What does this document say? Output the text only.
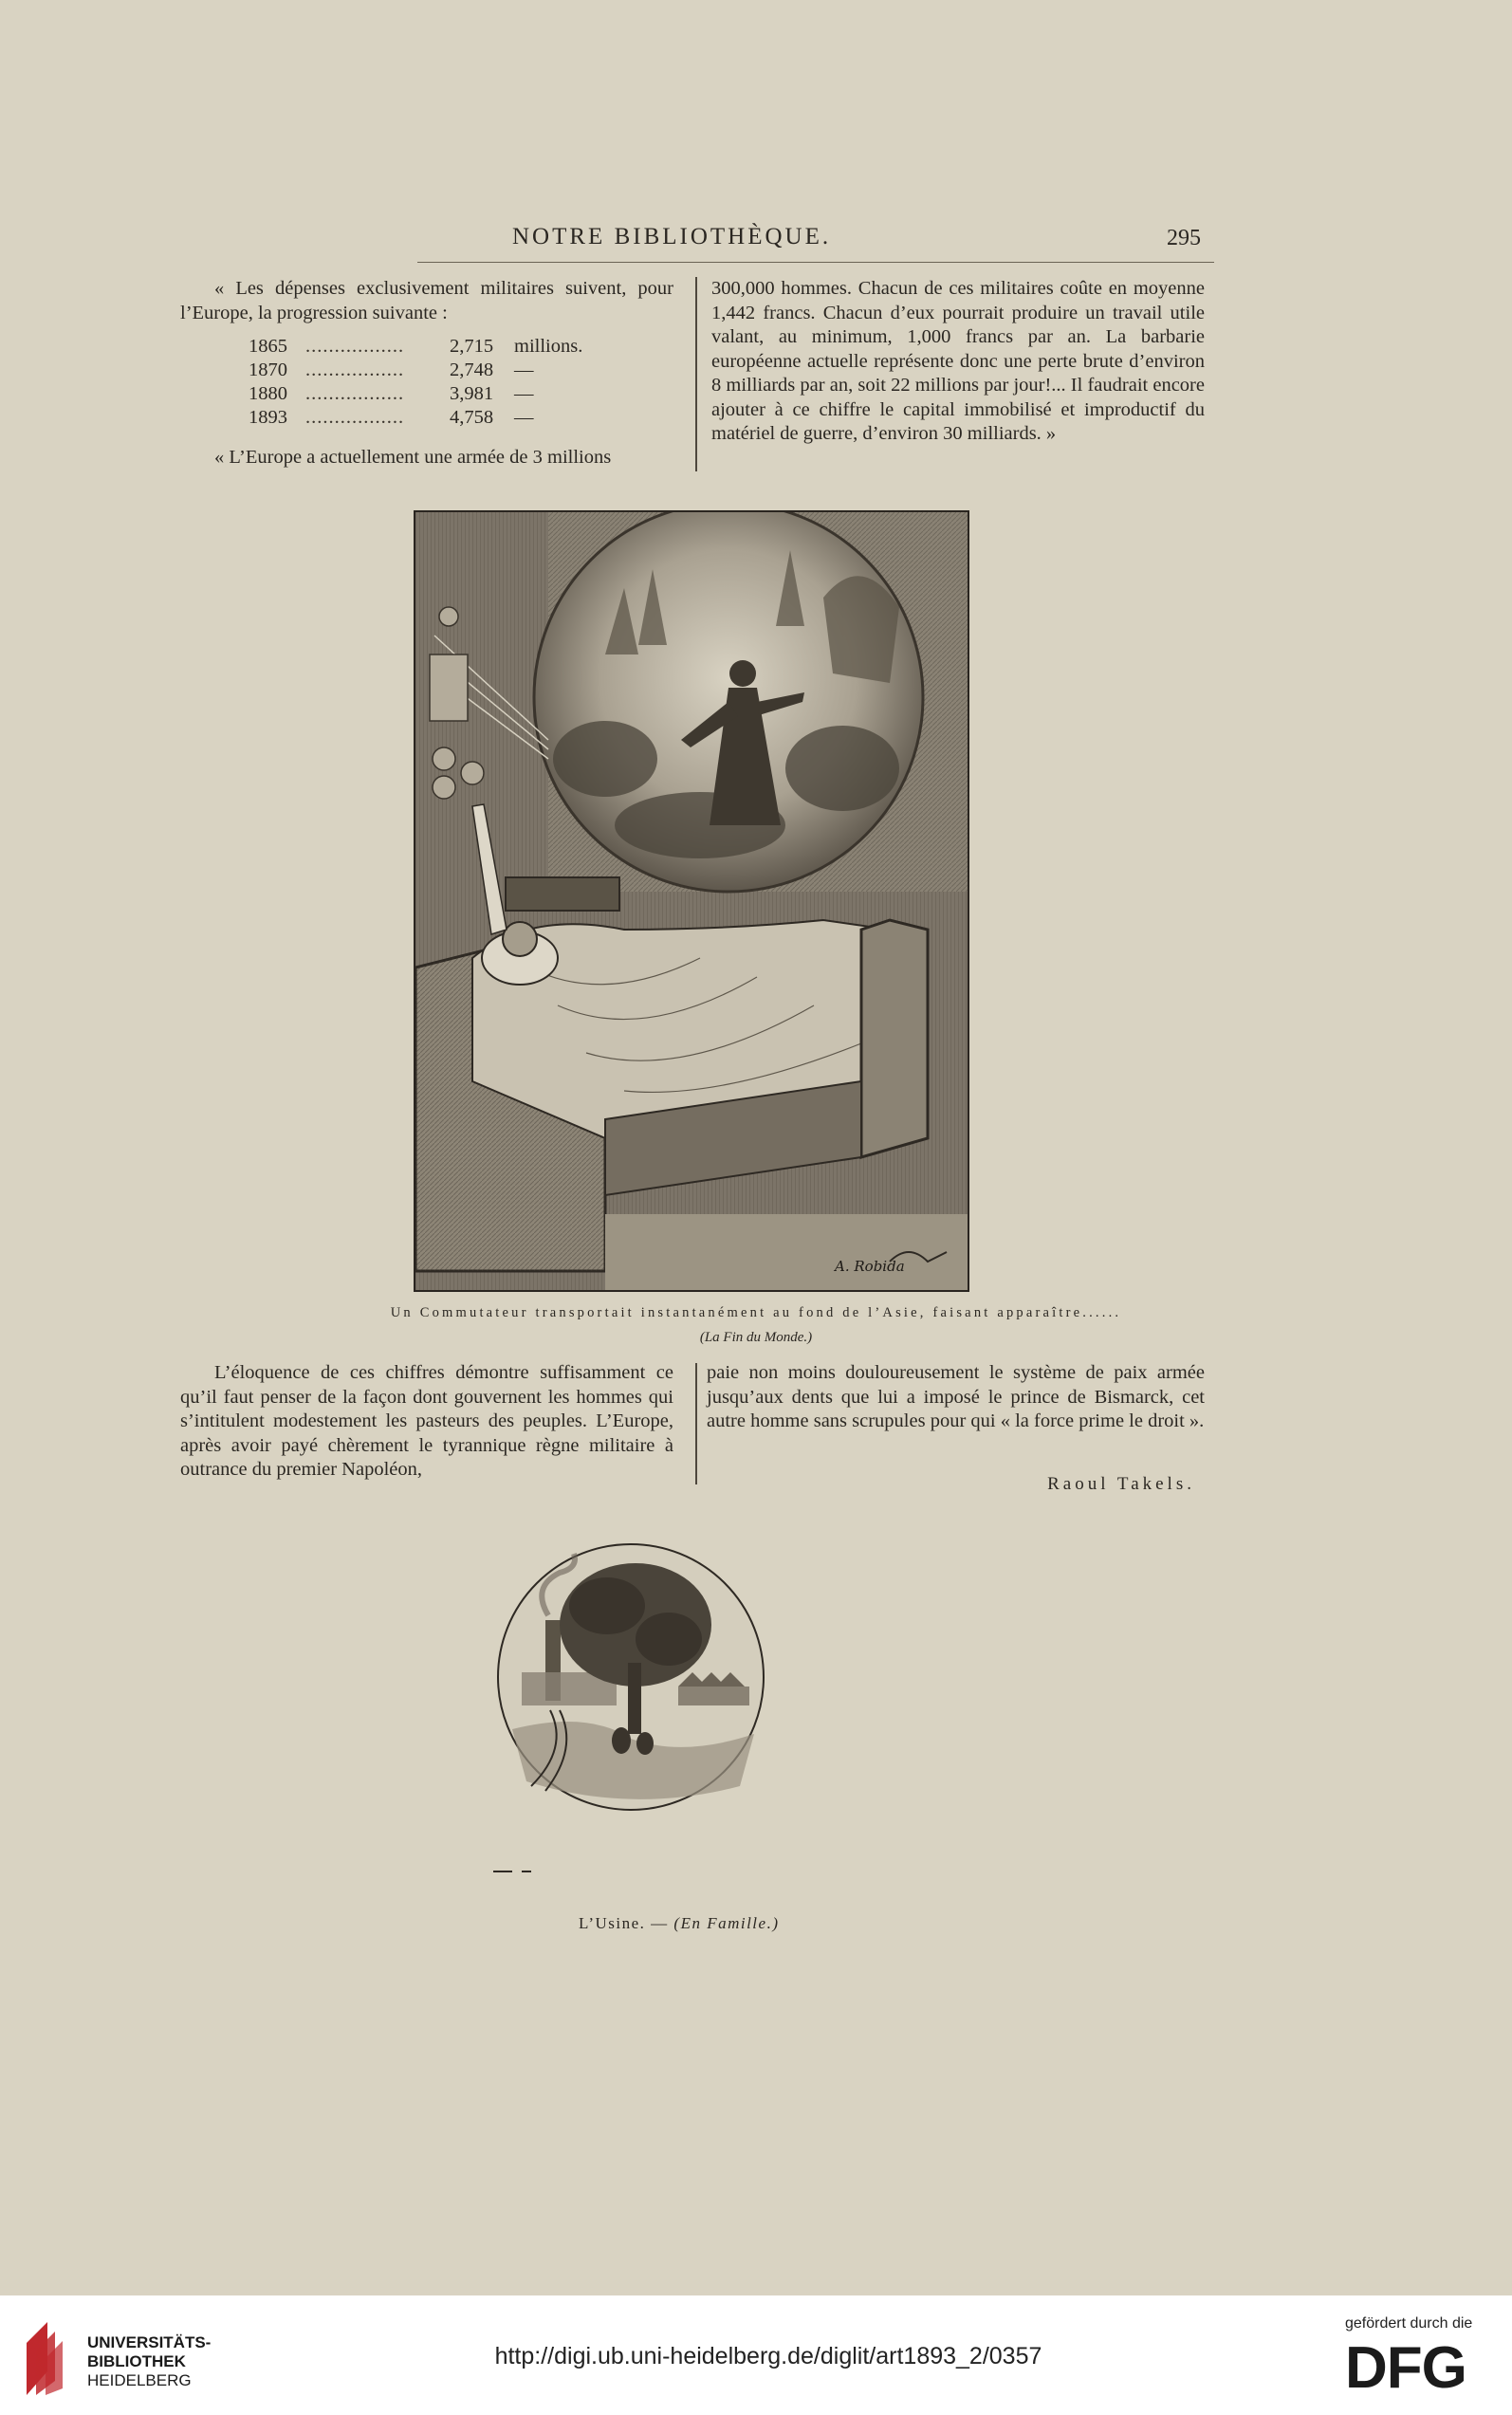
NOTRE BIBLIOTHÈQUE.	295

« Les dépenses exclusivement militaires suivent, pour l’Europe, la progression suivante :

1865 .................	2,715	millions.
1870 .................	2,748	—
1880 .................	3,981	—
1893 .................	4,758	—

« L’Europe a actuellement une armée de 3 millions

300,000 hommes. Chacun de ces militaires coûte en moyenne 1,442 francs. Chacun d’eux pourrait produire un travail utile valant, au minimum, 1,000 francs par an. La barbarie européenne actuelle représente donc une perte brute d’environ 8 milliards par an, soit 22 millions par jour!... Il faudrait encore ajouter à ce chiffre le capital immobilisé et improductif du matériel de guerre, d’environ 30 milliards. »

A. Robida
Un Commutateur transportait instantanément au fond de l’Asie, faisant apparaître......
(La Fin du Monde.)

L’éloquence de ces chiffres démontre suffisamment ce qu’il faut penser de la façon dont gouvernent les hommes qui s’intitulent modestement les pasteurs des peuples. L’Europe, après avoir payé chèrement le tyrannique règne militaire à outrance du premier Napoléon,

paie non moins douloureusement le système de paix armée jusqu’aux dents que lui a imposé le prince de Bismarck, cet autre homme sans scrupules pour qui « la force prime le droit ».

Raoul Takels.
L’Usine. — (En Famille.)
UNIVERSITÄTS-
BIBLIOTHEK
HEIDELBERG
http://digi.ub.uni-heidelberg.de/diglit/art1893_2/0357
gefördert durch die
DFG
